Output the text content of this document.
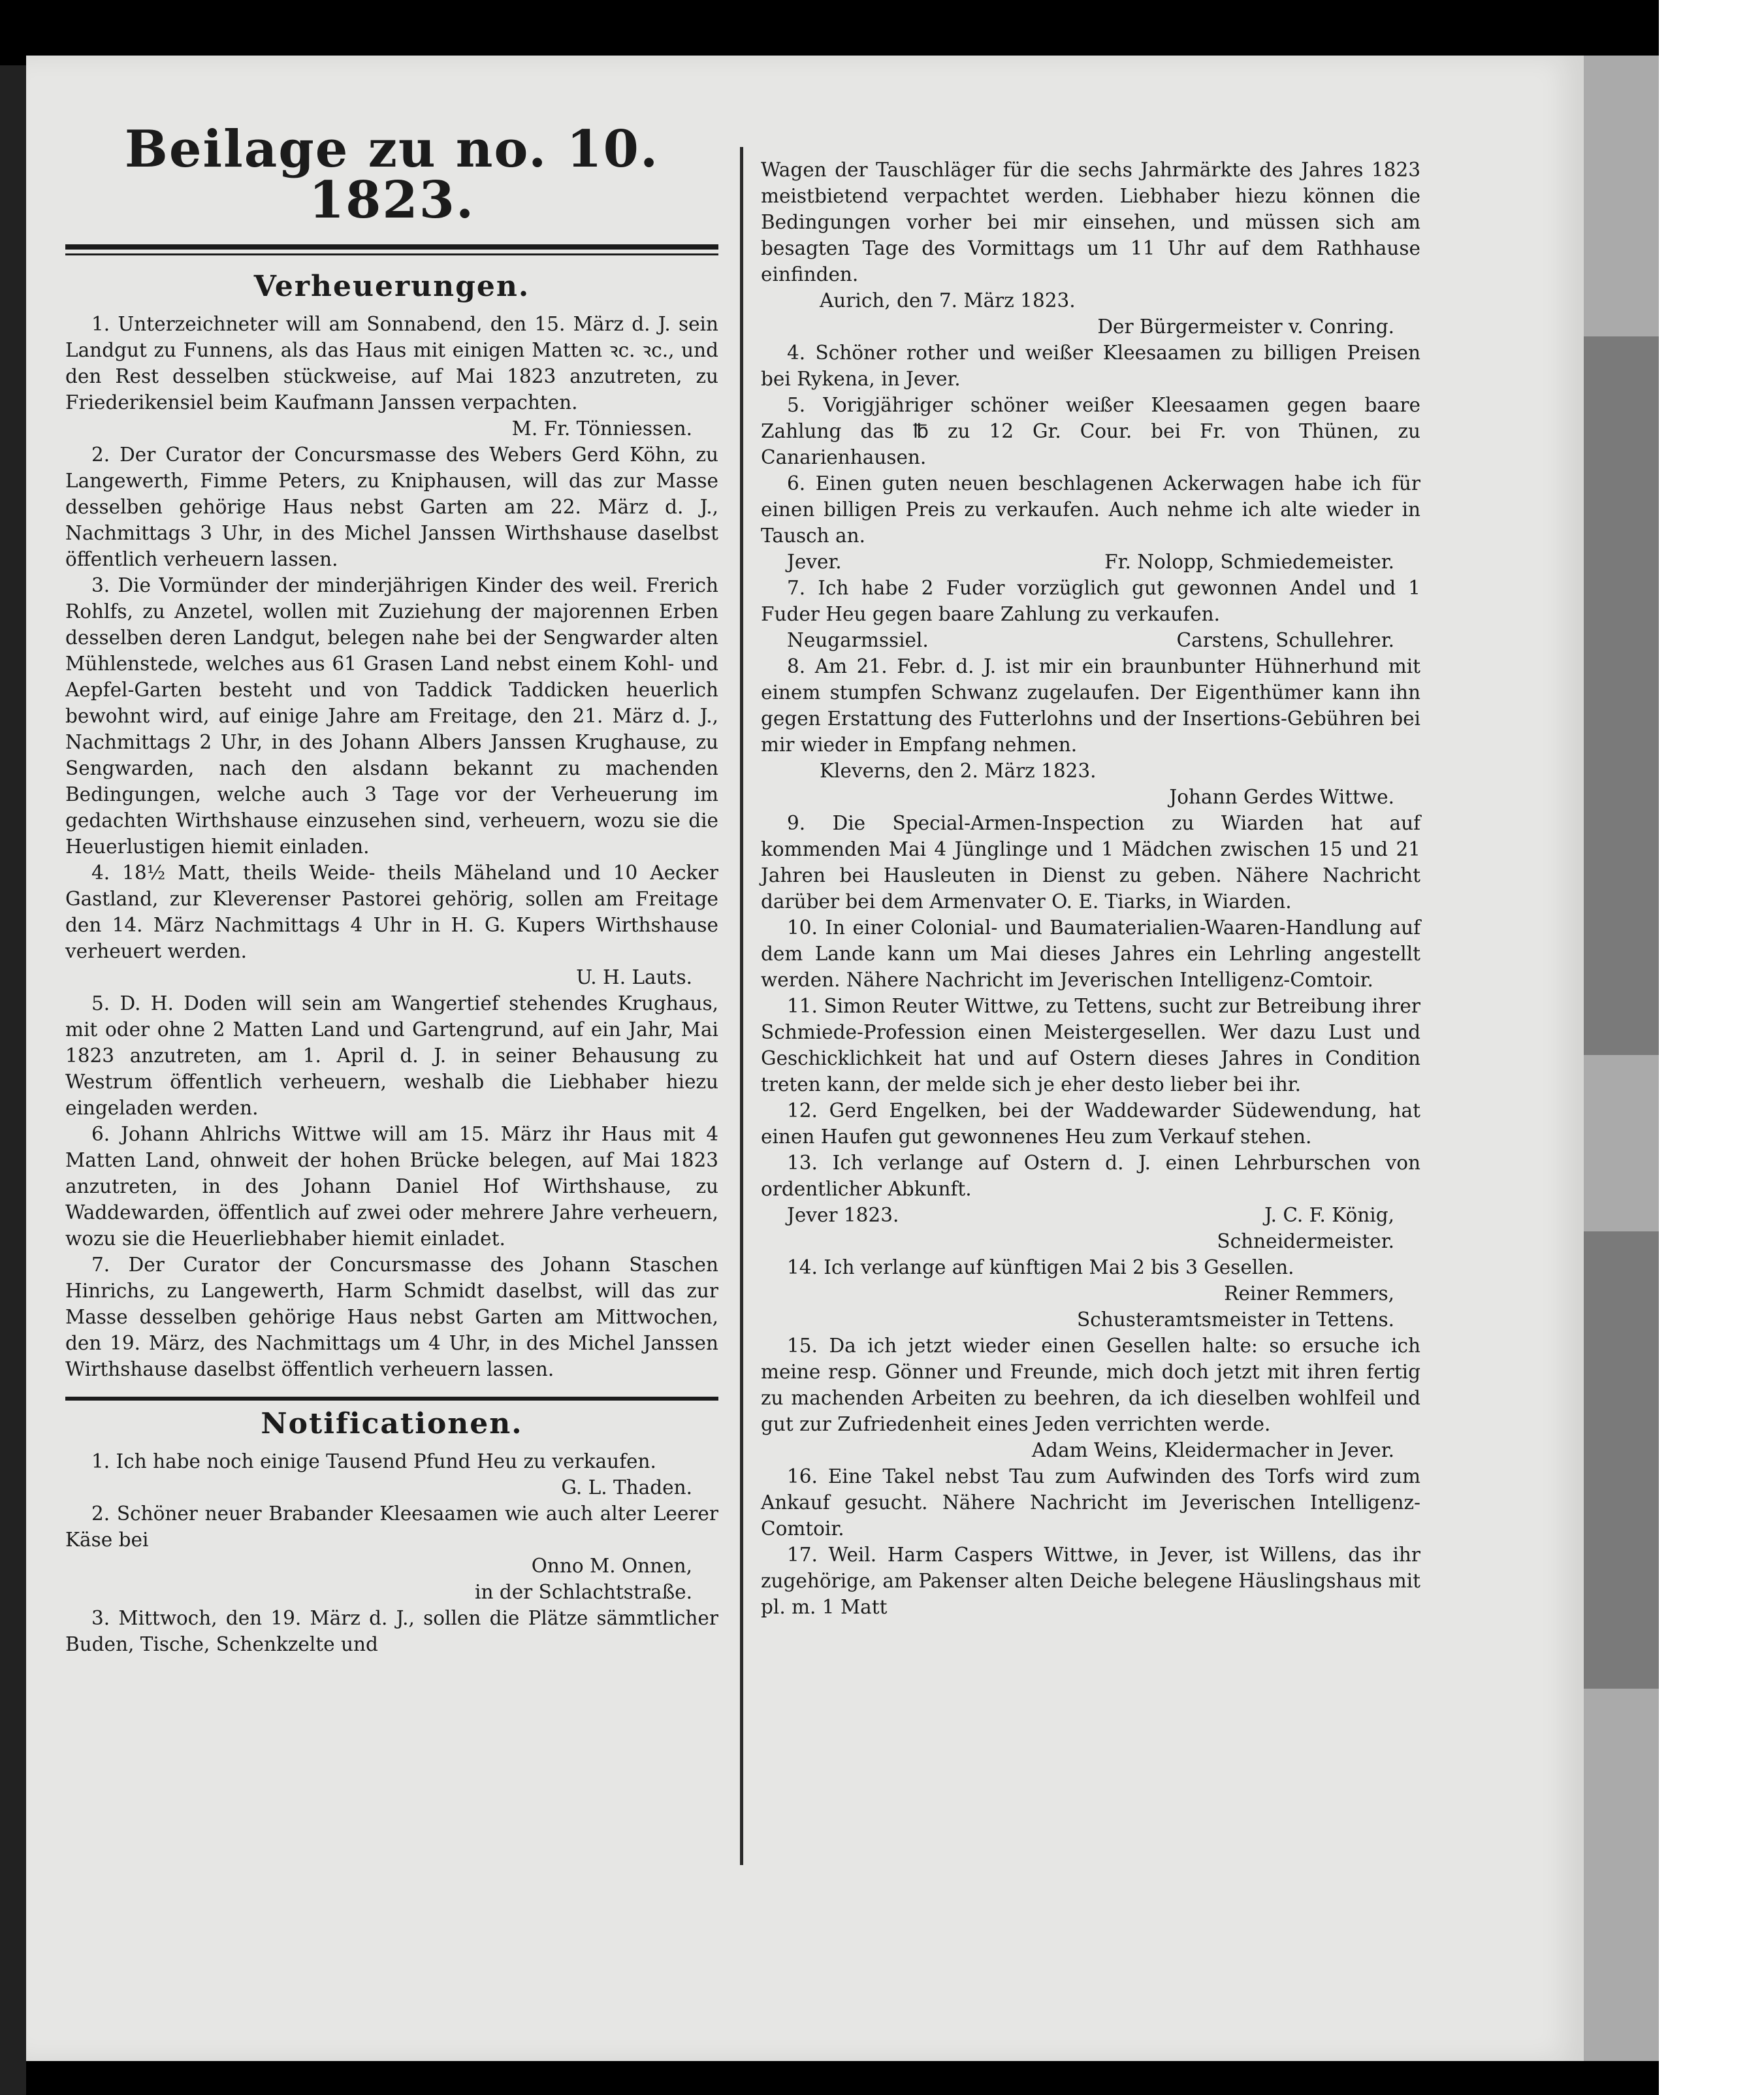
Beilage zu no. 10. 1823.
Verheuerungen.
1. Unterzeichneter will am Sonnabend, den 15. März d. J. sein Landgut zu Funnens, als das Haus mit einigen Matten ꝛc. ꝛc., und den Rest desselben stückweise, auf Mai 1823 anzutreten, zu Friederikensiel beim Kaufmann Janssen verpachten.
M. Fr. Tönniessen.
2. Der Curator der Concursmasse des Webers Gerd Köhn, zu Langewerth, Fimme Peters, zu Kniphausen, will das zur Masse desselben gehörige Haus nebst Garten am 22. März d. J., Nachmittags 3 Uhr, in des Michel Janssen Wirthshause daselbst öffentlich verheuern lassen.
3. Die Vormünder der minderjährigen Kinder des weil. Frerich Rohlfs, zu Anzetel, wollen mit Zuziehung der majorennen Erben desselben deren Landgut, belegen nahe bei der Sengwarder alten Mühlenstede, welches aus 61 Grasen Land nebst einem Kohl- und Aepfel-Garten besteht und von Taddick Taddicken heuerlich bewohnt wird, auf einige Jahre am Freitage, den 21. März d. J., Nachmittags 2 Uhr, in des Johann Albers Janssen Krughause, zu Sengwarden, nach den alsdann bekannt zu machenden Bedingungen, welche auch 3 Tage vor der Verheuerung im gedachten Wirthshause einzusehen sind, verheuern, wozu sie die Heuerlustigen hiemit einladen.
4. 18½ Matt, theils Weide- theils Mäheland und 10 Aecker Gastland, zur Kleverenser Pastorei gehörig, sollen am Freitage den 14. März Nachmittags 4 Uhr in H. G. Kupers Wirthshause verheuert werden.
U. H. Lauts.
5. D. H. Doden will sein am Wangertief stehendes Krughaus, mit oder ohne 2 Matten Land und Gartengrund, auf ein Jahr, Mai 1823 anzutreten, am 1. April d. J. in seiner Behausung zu Westrum öffentlich verheuern, weshalb die Liebhaber hiezu eingeladen werden.
6. Johann Ahlrichs Wittwe will am 15. März ihr Haus mit 4 Matten Land, ohnweit der hohen Brücke belegen, auf Mai 1823 anzutreten, in des Johann Daniel Hof Wirthshause, zu Waddewarden, öffentlich auf zwei oder mehrere Jahre verheuern, wozu sie die Heuerliebhaber hiemit einladet.
7. Der Curator der Concursmasse des Johann Staschen Hinrichs, zu Langewerth, Harm Schmidt daselbst, will das zur Masse desselben gehörige Haus nebst Garten am Mittwochen, den 19. März, des Nachmittags um 4 Uhr, in des Michel Janssen Wirthshause daselbst öffentlich verheuern lassen.
Notificationen.
1. Ich habe noch einige Tausend Pfund Heu zu verkaufen.
G. L. Thaden.
2. Schöner neuer Brabander Kleesaamen wie auch alter Leerer Käse bei
Onno M. Onnen,
in der Schlachtstraße.
3. Mittwoch, den 19. März d. J., sollen die Plätze sämmtlicher Buden, Tische, Schenkzelte und
Wagen der Tauschläger für die sechs Jahrmärkte des Jahres 1823 meistbietend verpachtet werden. Liebhaber hiezu können die Bedingungen vorher bei mir einsehen, und müssen sich am besagten Tage des Vormittags um 11 Uhr auf dem Rathhause einfinden.
Aurich, den 7. März 1823.
Der Bürgermeister v. Conring.
4. Schöner rother und weißer Kleesaamen zu billigen Preisen bei Rykena, in Jever.
5. Vorigjähriger schöner weißer Kleesaamen gegen baare Zahlung das ℔ zu 12 Gr. Cour. bei Fr. von Thünen, zu Canarienhausen.
6. Einen guten neuen beschlagenen Ackerwagen habe ich für einen billigen Preis zu verkaufen. Auch nehme ich alte wieder in Tausch an.
Jever.	Fr. Nolopp, Schmiedemeister.
7. Ich habe 2 Fuder vorzüglich gut gewonnen Andel und 1 Fuder Heu gegen baare Zahlung zu verkaufen.
Neugarmssiel.	Carstens, Schullehrer.
8. Am 21. Febr. d. J. ist mir ein braunbunter Hühnerhund mit einem stumpfen Schwanz zugelaufen. Der Eigenthümer kann ihn gegen Erstattung des Futterlohns und der Insertions-Gebühren bei mir wieder in Empfang nehmen.
Kleverns, den 2. März 1823.
Johann Gerdes Wittwe.
9. Die Special-Armen-Inspection zu Wiarden hat auf kommenden Mai 4 Jünglinge und 1 Mädchen zwischen 15 und 21 Jahren bei Hausleuten in Dienst zu geben. Nähere Nachricht darüber bei dem Armenvater O. E. Tiarks, in Wiarden.
10. In einer Colonial- und Baumaterialien-Waaren-Handlung auf dem Lande kann um Mai dieses Jahres ein Lehrling angestellt werden. Nähere Nachricht im Jeverischen Intelligenz-Comtoir.
11. Simon Reuter Wittwe, zu Tettens, sucht zur Betreibung ihrer Schmiede-Profession einen Meistergesellen. Wer dazu Lust und Geschicklichkeit hat und auf Ostern dieses Jahres in Condition treten kann, der melde sich je eher desto lieber bei ihr.
12. Gerd Engelken, bei der Waddewarder Südewendung, hat einen Haufen gut gewonnenes Heu zum Verkauf stehen.
13. Ich verlange auf Ostern d. J. einen Lehrburschen von ordentlicher Abkunft.
Jever 1823.	J. C. F. König,
Schneidermeister.
14. Ich verlange auf künftigen Mai 2 bis 3 Gesellen.
Reiner Remmers,
Schusteramtsmeister in Tettens.
15. Da ich jetzt wieder einen Gesellen halte: so ersuche ich meine resp. Gönner und Freunde, mich doch jetzt mit ihren fertig zu machenden Arbeiten zu beehren, da ich dieselben wohlfeil und gut zur Zufriedenheit eines Jeden verrichten werde.
Adam Weins, Kleidermacher in Jever.
16. Eine Takel nebst Tau zum Aufwinden des Torfs wird zum Ankauf gesucht. Nähere Nachricht im Jeverischen Intelligenz-Comtoir.
17. Weil. Harm Caspers Wittwe, in Jever, ist Willens, das ihr zugehörige, am Pakenser alten Deiche belegene Häuslingshaus mit pl. m. 1 Matt
